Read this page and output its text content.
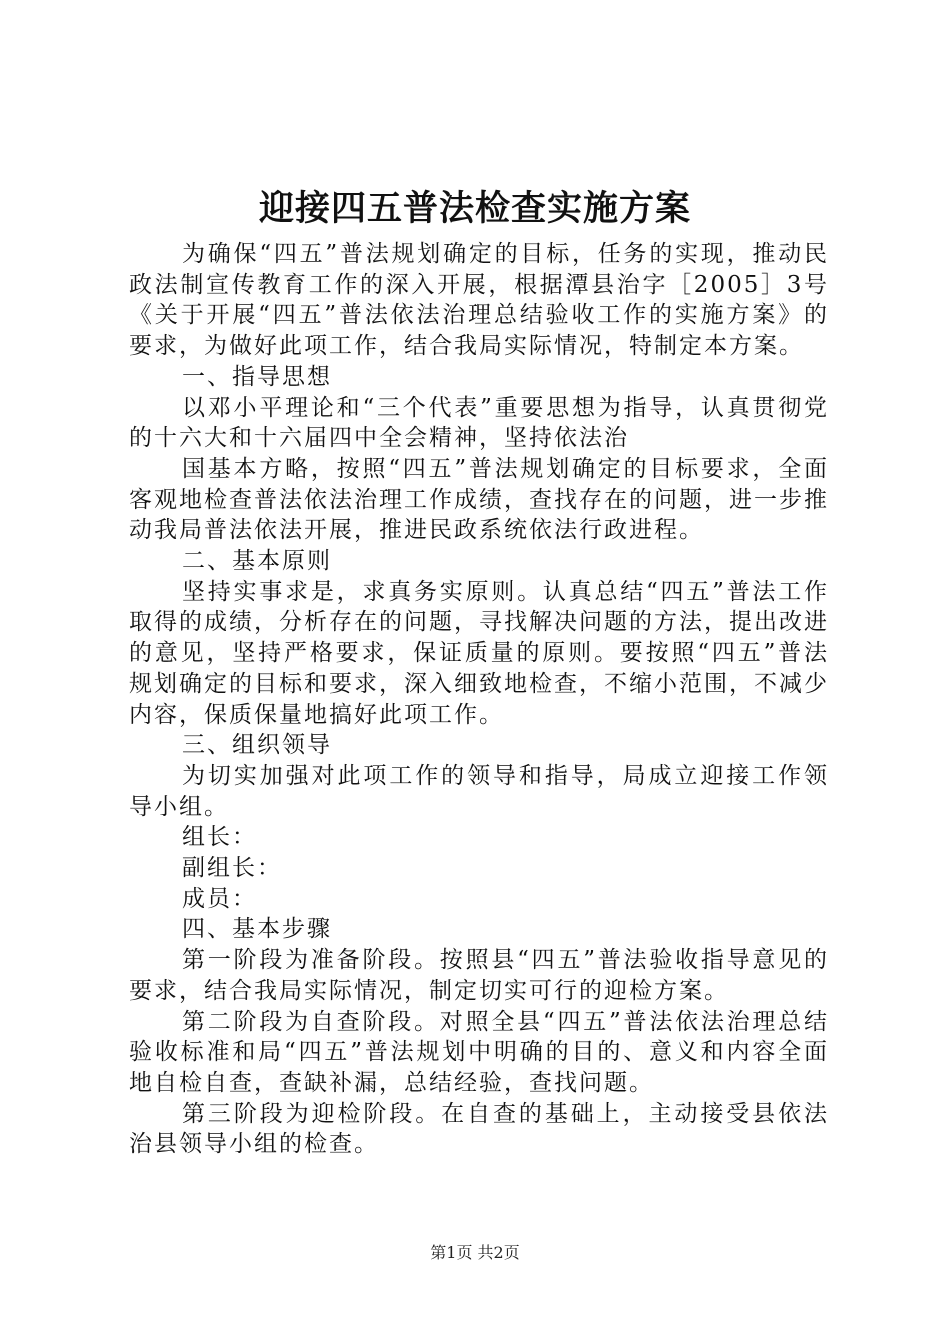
迎接四五普法检查实施方案

为确保“四五”普法规划确定的目标，任务的实现，推动民政法制宣传教育工作的深入开展，根据潭县治字［2005］3号《关于开展“四五”普法依法治理总结验收工作的实施方案》的要求，为做好此项工作，结合我局实际情况，特制定本方案。

一、指导思想

以邓小平理论和“三个代表”重要思想为指导，认真贯彻党的十六大和十六届四中全会精神，坚持依法治

国基本方略，按照“四五”普法规划确定的目标要求，全面客观地检查普法依法治理工作成绩，查找存在的问题，进一步推动我局普法依法开展，推进民政系统依法行政进程。

二、基本原则

坚持实事求是，求真务实原则。认真总结“四五”普法工作取得的成绩，分析存在的问题，寻找解决问题的方法，提出改进的意见，坚持严格要求，保证质量的原则。要按照“四五”普法规划确定的目标和要求，深入细致地检查，不缩小范围，不减少内容，保质保量地搞好此项工作。

三、组织领导

为切实加强对此项工作的领导和指导，局成立迎接工作领导小组。

组长：

副组长：

成员：

四、基本步骤

第一阶段为准备阶段。按照县“四五”普法验收指导意见的要求，结合我局实际情况，制定切实可行的迎检方案。

第二阶段为自查阶段。对照全县“四五”普法依法治理总结验收标准和局“四五”普法规划中明确的目的、意义和内容全面地自检自查，查缺补漏，总结经验，查找问题。

第三阶段为迎检阶段。在自查的基础上，主动接受县依法治县领导小组的检查。

第1页 共2页
